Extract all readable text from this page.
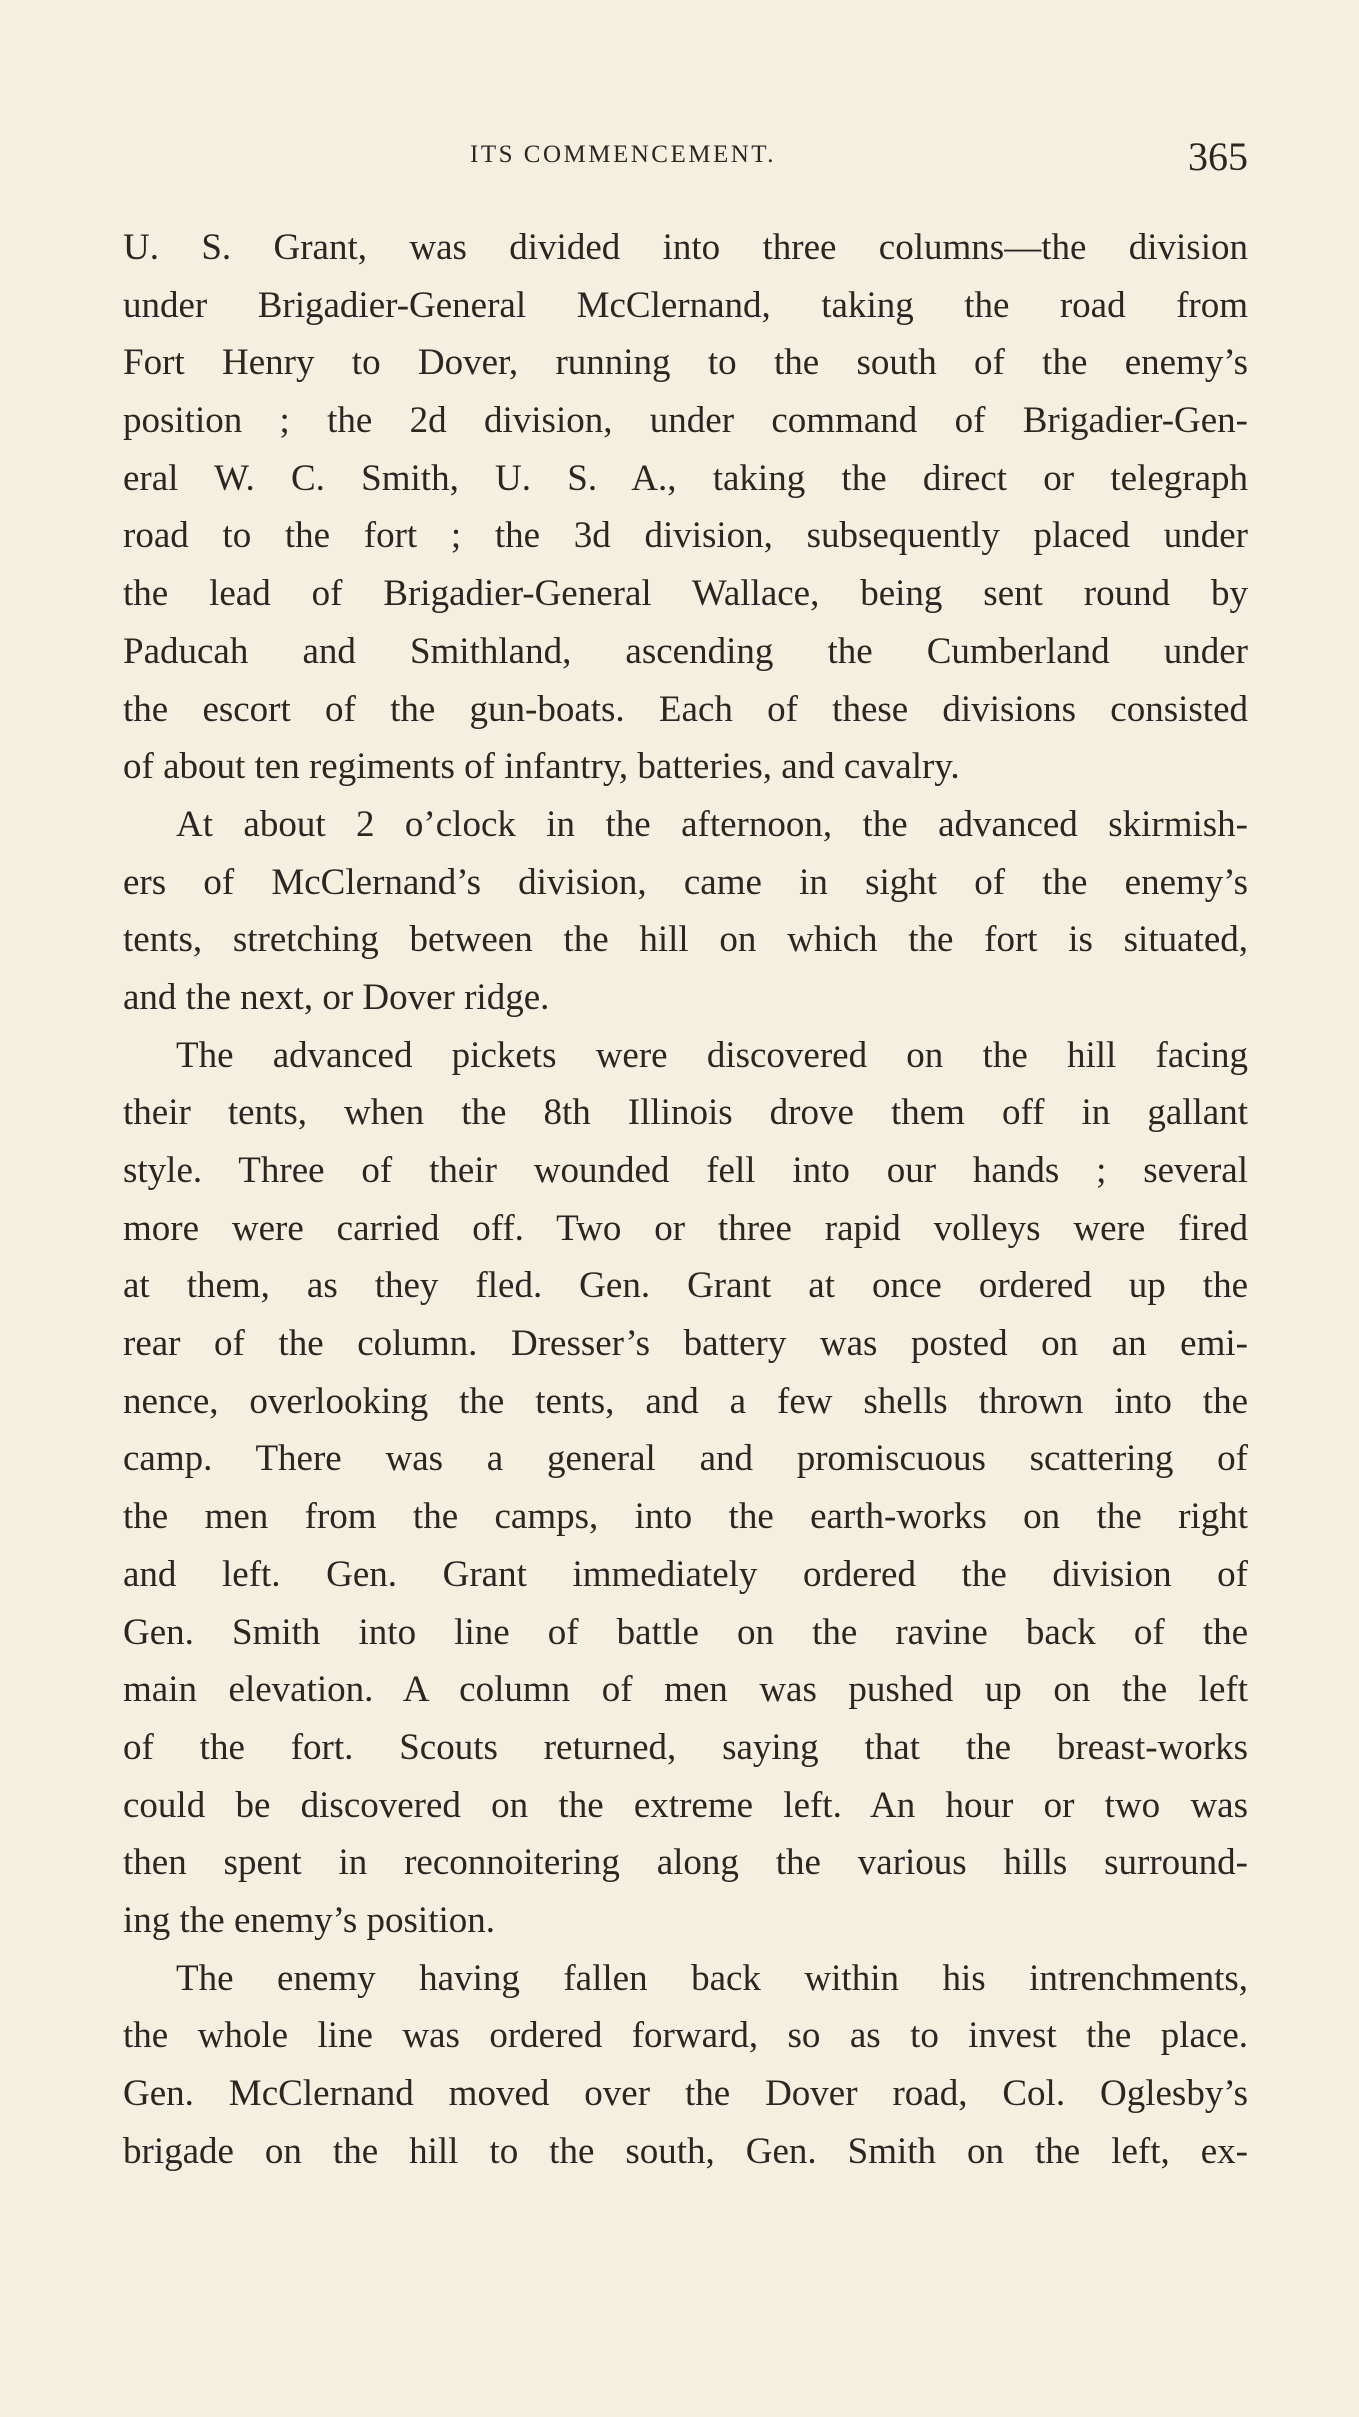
ITS COMMENCEMENT.	365
U. S. Grant, was divided into three columns—the division
under Brigadier-General McClernand, taking the road from
Fort Henry to Dover, running to the south of the enemy’s
position ; the 2d division, under command of Brigadier-Gen-
eral W. C. Smith, U. S. A., taking the direct or telegraph
road to the fort ; the 3d division, subsequently placed under
the lead of Brigadier-General Wallace, being sent round by
Paducah and Smithland, ascending the Cumberland under
the escort of the gun-boats. Each of these divisions consisted
of about ten regiments of infantry, batteries, and cavalry.
At about 2 o’clock in the afternoon, the advanced skirmish-
ers of McClernand’s division, came in sight of the enemy’s
tents, stretching between the hill on which the fort is situated,
and the next, or Dover ridge.
The advanced pickets were discovered on the hill facing
their tents, when the 8th Illinois drove them off in gallant
style. Three of their wounded fell into our hands ; several
more were carried off. Two or three rapid volleys were fired
at them, as they fled. Gen. Grant at once ordered up the
rear of the column. Dresser’s battery was posted on an emi-
nence, overlooking the tents, and a few shells thrown into the
camp. There was a general and promiscuous scattering of
the men from the camps, into the earth-works on the right
and left. Gen. Grant immediately ordered the division of
Gen. Smith into line of battle on the ravine back of the
main elevation. A column of men was pushed up on the left
of the fort. Scouts returned, saying that the breast-works
could be discovered on the extreme left. An hour or two was
then spent in reconnoitering along the various hills surround-
ing the enemy’s position.
The enemy having fallen back within his intrenchments,
the whole line was ordered forward, so as to invest the place.
Gen. McClernand moved over the Dover road, Col. Oglesby’s
brigade on the hill to the south, Gen. Smith on the left, ex-
